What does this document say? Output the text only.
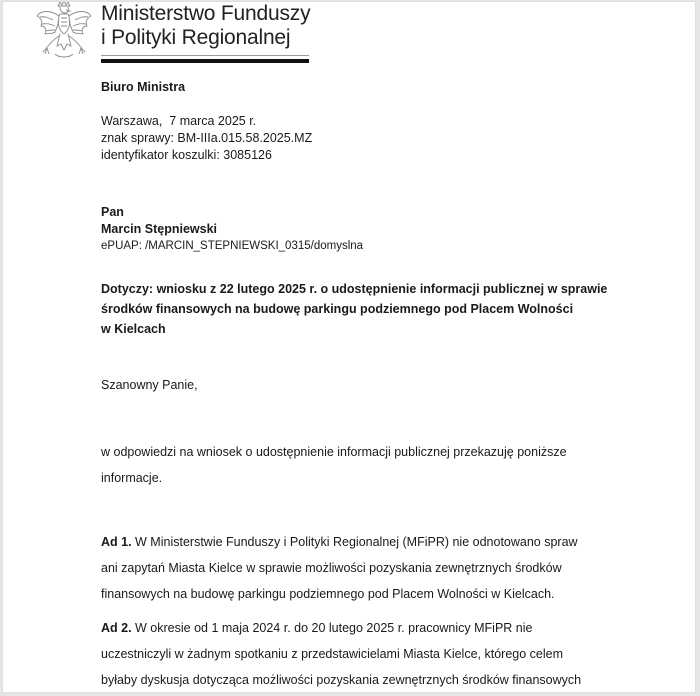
Ministerstwo Funduszy
i Polityki Regionalnej
Biuro Ministra
Warszawa,  7 marca 2025 r.
znak sprawy: BM-IIIa.015.58.2025.MZ
identyfikator koszulki: 3085126
Pan
Marcin Stępniewski
ePUAP: /MARCIN_STEPNIEWSKI_0315/domyslna
Dotyczy: wniosku z 22 lutego 2025 r. o udostępnienie informacji publicznej w sprawie
środków finansowych na budowę parkingu podziemnego pod Placem Wolności
w Kielcach
Szanowny Panie,
w odpowiedzi na wniosek o udostępnienie informacji publicznej przekazuję poniższe
informacje.
Ad 1. W Ministerstwie Funduszy i Polityki Regionalnej (MFiPR) nie odnotowano spraw
ani zapytań Miasta Kielce w sprawie możliwości pozyskania zewnętrznych środków
finansowych na budowę parkingu podziemnego pod Placem Wolności w Kielcach.
Ad 2. W okresie od 1 maja 2024 r. do 20 lutego 2025 r. pracownicy MFiPR nie
uczestniczyli w żadnym spotkaniu z przedstawicielami Miasta Kielce, którego celem
byłaby dyskusja dotycząca możliwości pozyskania zewnętrznych środków finansowych
